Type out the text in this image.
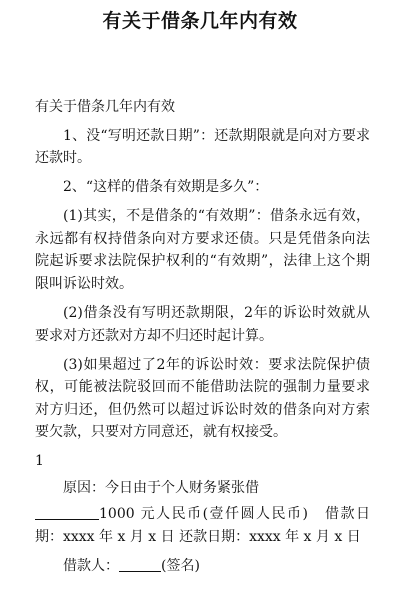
有关于借条几年内有效

有关于借条几年内有效

1、没“写明还款日期”：还款期限就是向对方要求还款时。

2、“这样的借条有效期是多久”：

(1)其实，不是借条的“有效期”：借条永远有效，永远都有权持借条向对方要求还债。只是凭借条向法院起诉要求法院保护权利的“有效期”，法律上这个期限叫诉讼时效。

(2)借条没有写明还款期限，2年的诉讼时效就从要求对方还款对方却不归还时起计算。

(3)如果超过了2年的诉讼时效：要求法院保护债权，可能被法院驳回而不能借助法院的强制力量要求对方归还，但仍然可以超过诉讼时效的借条向对方索要欠款，只要对方同意还，就有权接受。

1

原因：今日由于个人财务紧张借

1000 元人民币(壹仟圆人民币)　 借款日期：xxxx 年 x 月 x 日 还款日期：xxxx 年 x 月 x 日

借款人：	(签名)
